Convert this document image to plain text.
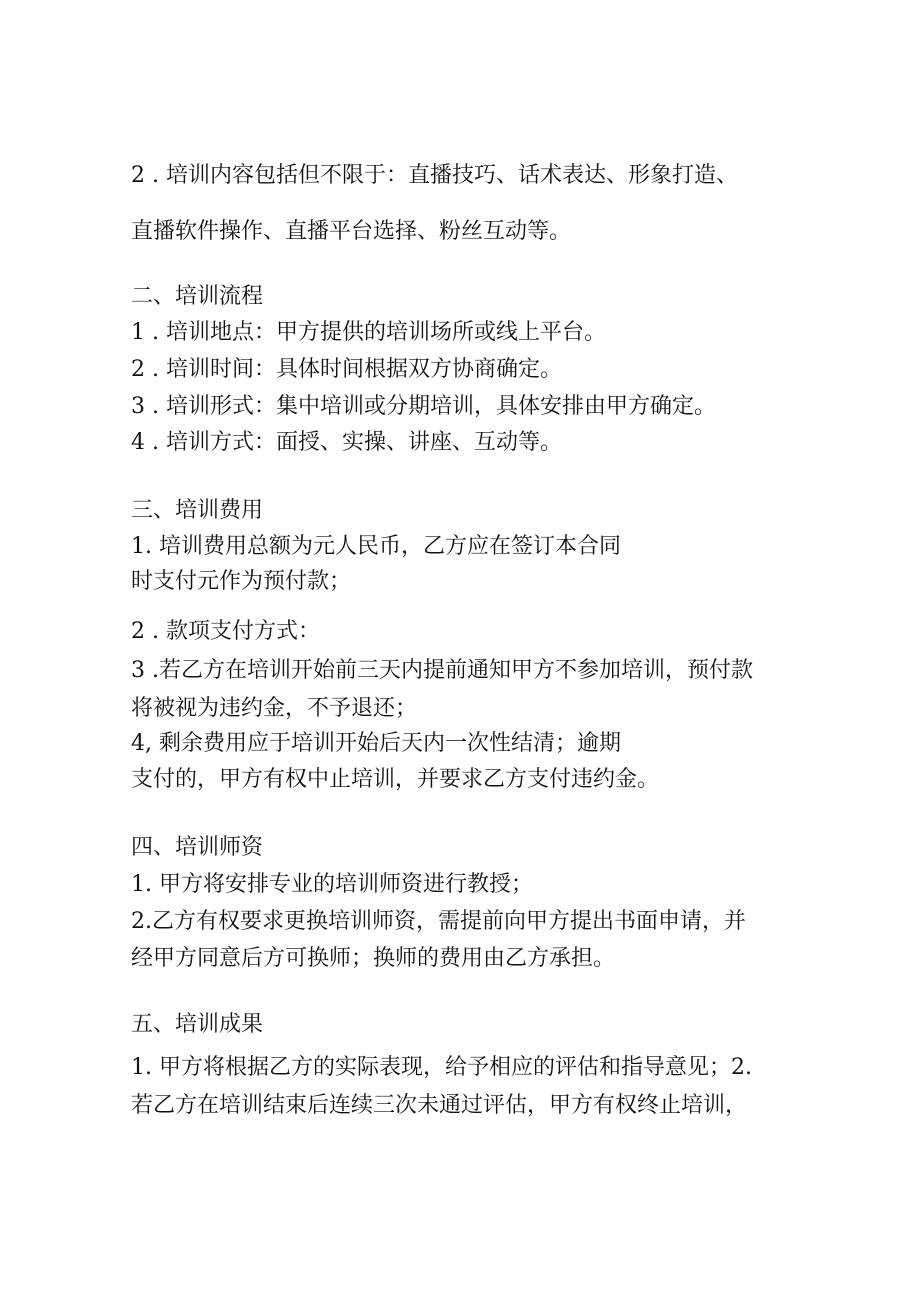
2 . 培训内容包括但不限于：直播技巧、话术表达、形象打造、
直播软件操作、直播平台选择、粉丝互动等。
二、培训流程
1 . 培训地点：甲方提供的培训场所或线上平台。
2 . 培训时间：具体时间根据双方协商确定。
3 . 培训形式：集中培训或分期培训，具体安排由甲方确定。
4 . 培训方式：面授、实操、讲座、互动等。
三、培训费用
1. 培训费用总额为元人民币，乙方应在签订本合同
时支付元作为预付款；
2 . 款项支付方式：
3 .若乙方在培训开始前三天内提前通知甲方不参加培训，预付款
将被视为违约金，不予退还；
4, 剩余费用应于培训开始后天内一次性结清；逾期
支付的，甲方有权中止培训，并要求乙方支付违约金。
四、培训师资
1. 甲方将安排专业的培训师资进行教授；
2.乙方有权要求更换培训师资，需提前向甲方提出书面申请，并
经甲方同意后方可换师；换师的费用由乙方承担。
五、培训成果
1. 甲方将根据乙方的实际表现，给予相应的评估和指导意见；2.
若乙方在培训结束后连续三次未通过评估，甲方有权终止培训，
